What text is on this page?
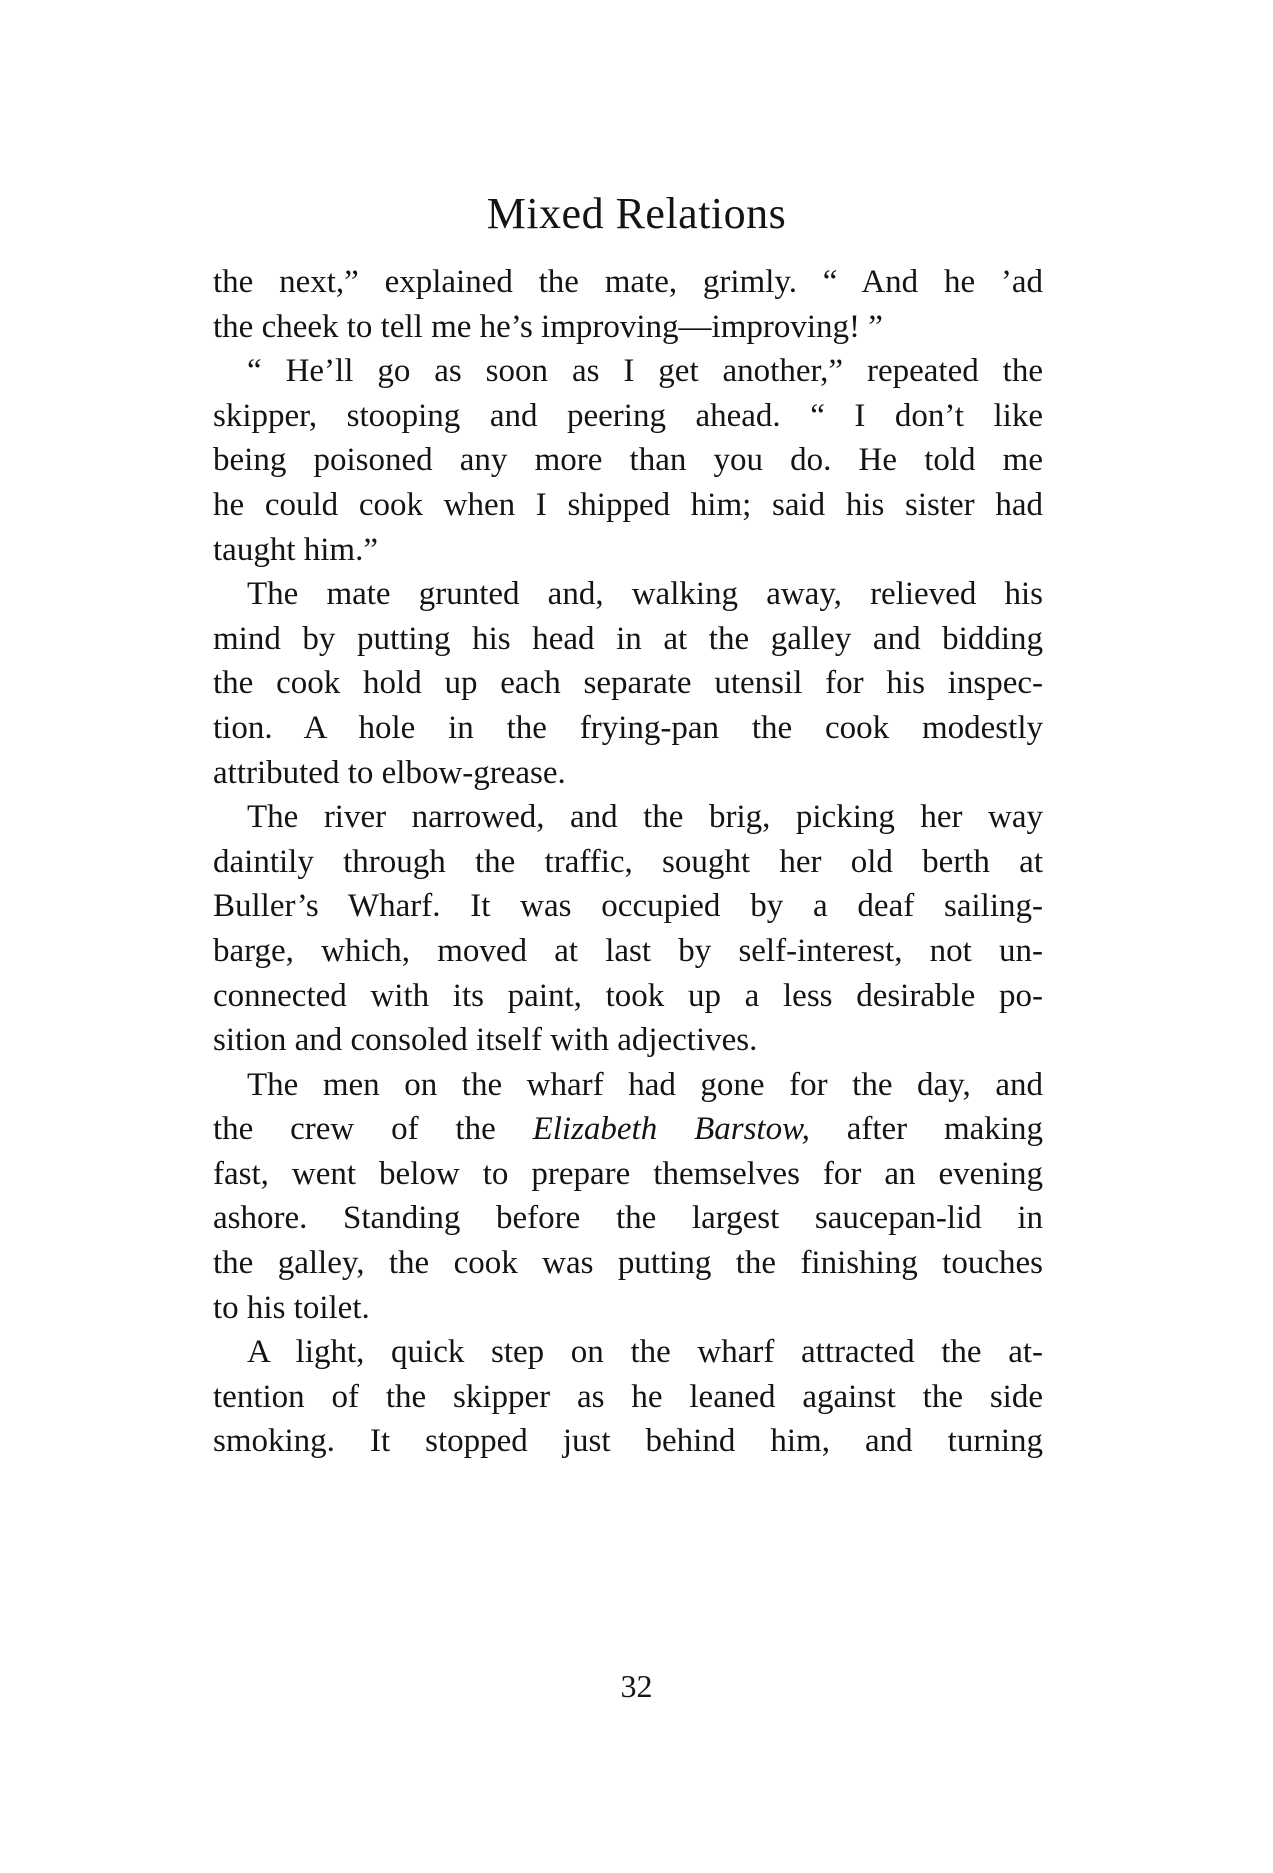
Mixed Relations
the next,” explained the mate, grimly. “ And he ’ad
the cheek to tell me he’s improving—improving! ”
“ He’ll go as soon as I get another,” repeated the
skipper, stooping and peering ahead. “ I don’t like
being poisoned any more than you do. He told me
he could cook when I shipped him; said his sister had
taught him.”
The mate grunted and, walking away, relieved his
mind by putting his head in at the galley and bidding
the cook hold up each separate utensil for his inspec-
tion. A hole in the frying-pan the cook modestly
attributed to elbow-grease.
The river narrowed, and the brig, picking her way
daintily through the traffic, sought her old berth at
Buller’s Wharf. It was occupied by a deaf sailing-
barge, which, moved at last by self-interest, not un-
connected with its paint, took up a less desirable po-
sition and consoled itself with adjectives.
The men on the wharf had gone for the day, and
the crew of the Elizabeth Barstow, after making
fast, went below to prepare themselves for an evening
ashore. Standing before the largest saucepan-lid in
the galley, the cook was putting the finishing touches
to his toilet.
A light, quick step on the wharf attracted the at-
tention of the skipper as he leaned against the side
smoking. It stopped just behind him, and turning
32
